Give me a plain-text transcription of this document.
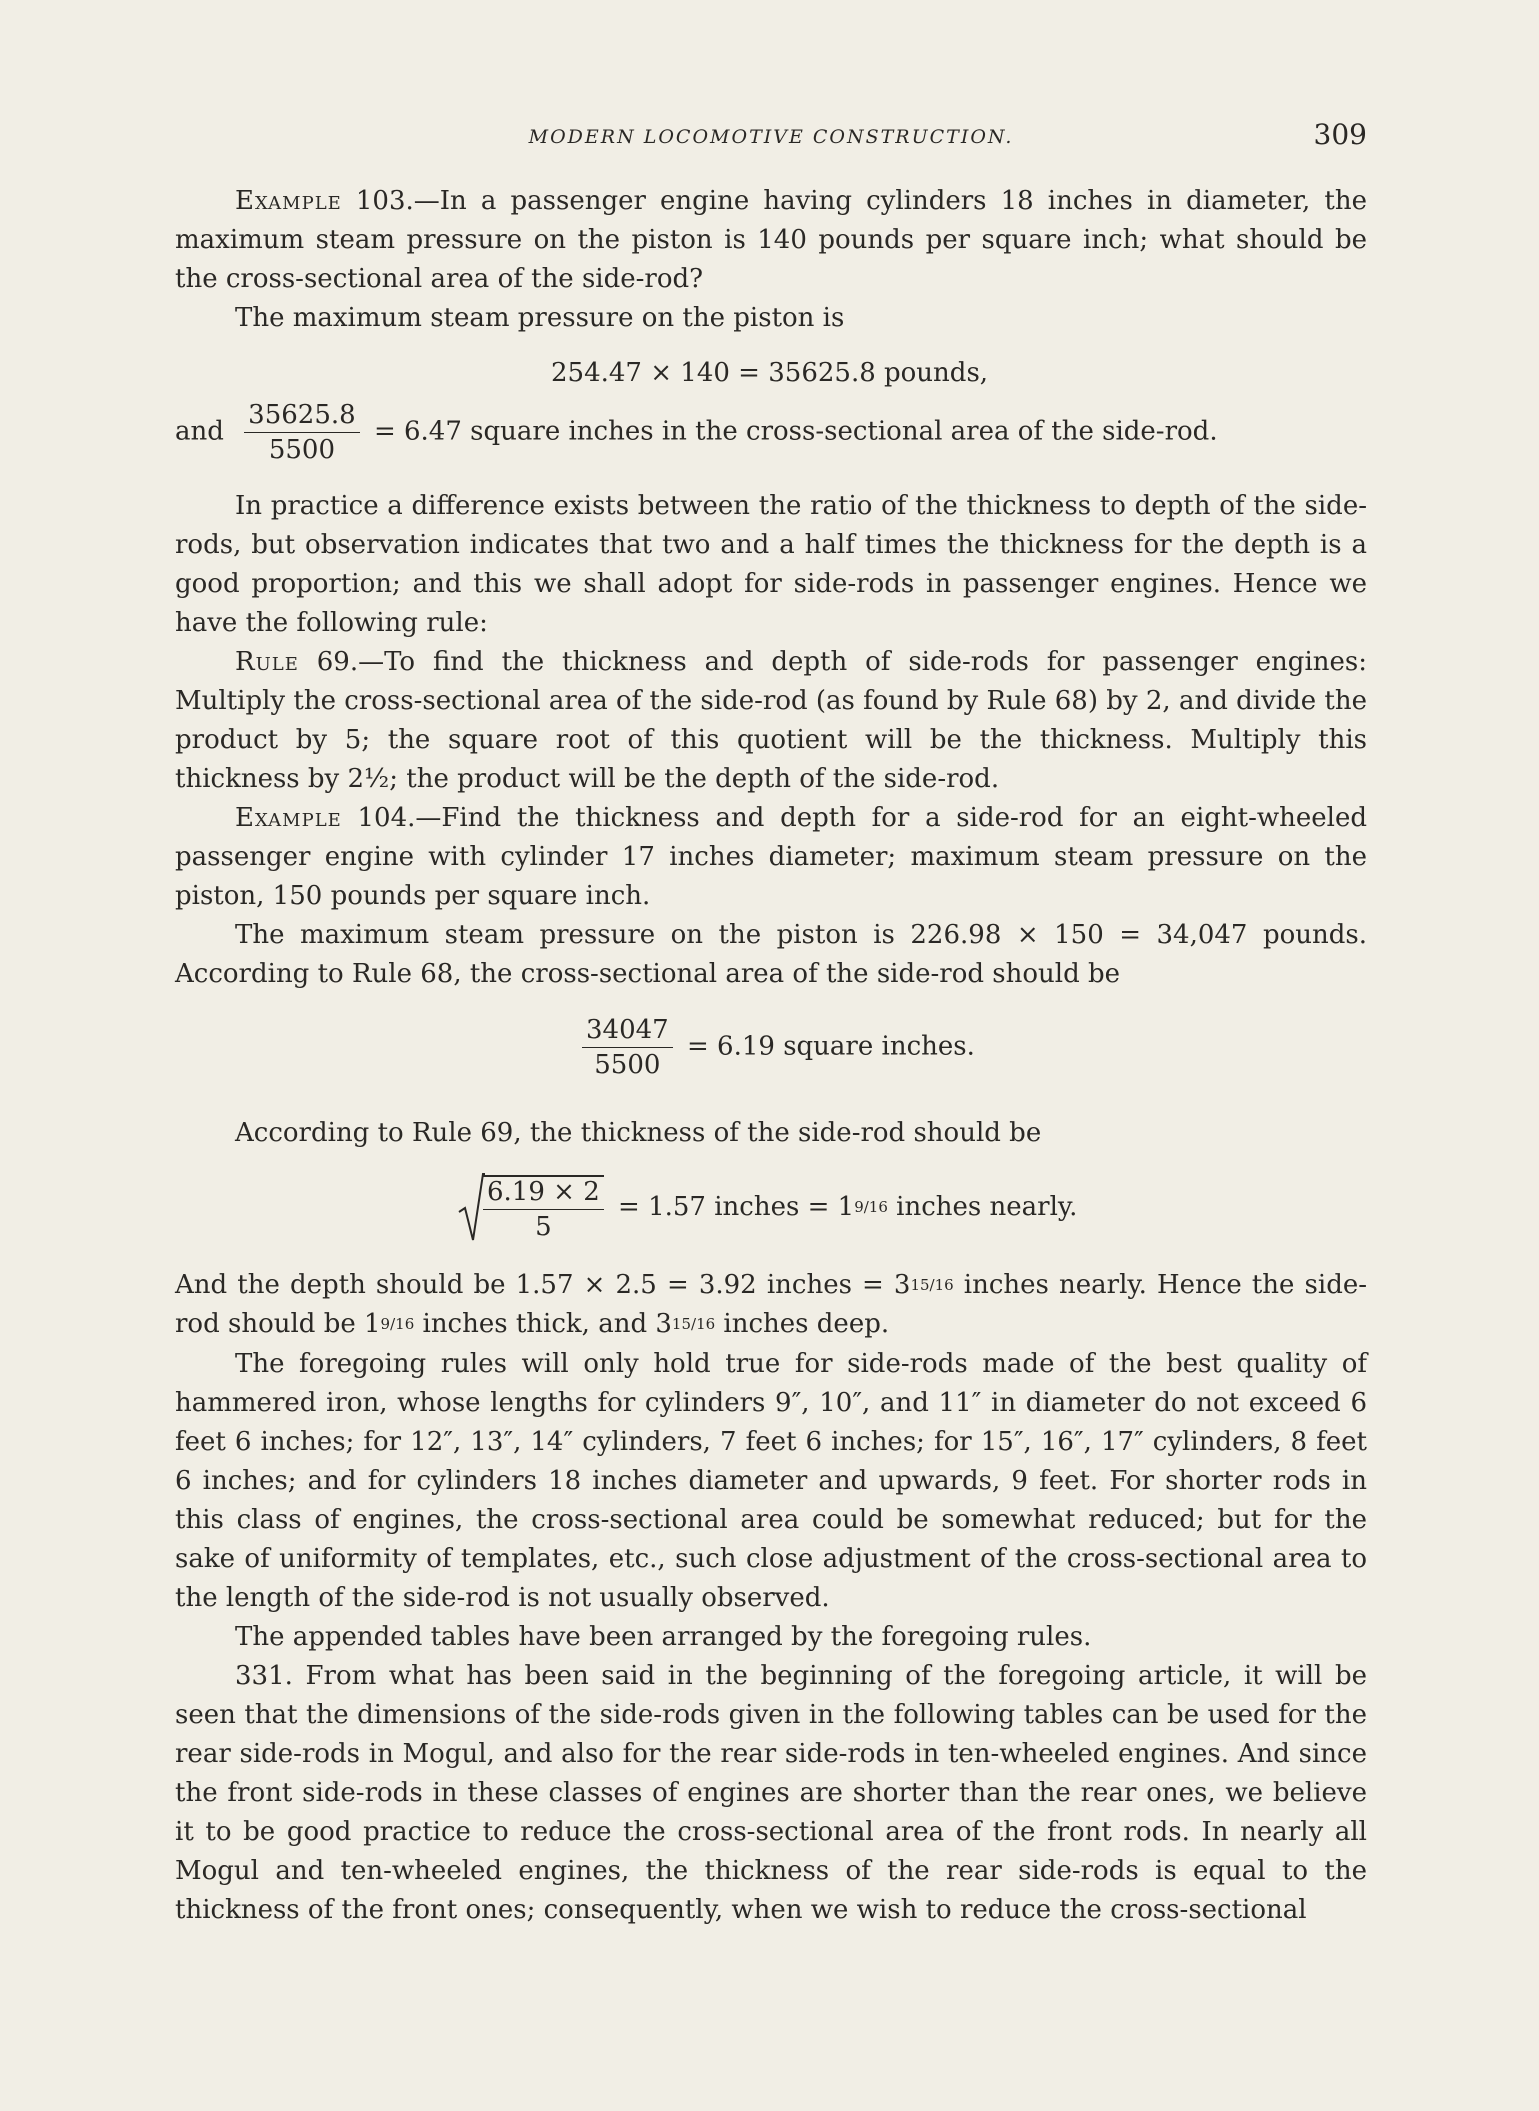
MODERN LOCOMOTIVE CONSTRUCTION.	309

Example 103.—In a passenger engine having cylinders 18 inches in diameter, the maximum steam pressure on the piston is 140 pounds per square inch; what should be the cross-sectional area of the side-rod?

The maximum steam pressure on the piston is

254.47 × 140 = 35625.8 pounds,
and $\frac{35625.8}{5500} = 6.47$ square inches in the cross-sectional area of the side-rod.

In practice a difference exists between the ratio of the thickness to depth of the side-rods, but observation indicates that two and a half times the thickness for the depth is a good proportion; and this we shall adopt for side-rods in passenger engines. Hence we have the following rule:

Rule 69.—To find the thickness and depth of side-rods for passenger engines: Multiply the cross-sectional area of the side-rod (as found by Rule 68) by 2, and divide the product by 5; the square root of this quotient will be the thickness. Multiply this thickness by 2½; the product will be the depth of the side-rod.

Example 104.—Find the thickness and depth for a side-rod for an eight-wheeled passenger engine with cylinder 17 inches diameter; maximum steam pressure on the piston, 150 pounds per square inch.

The maximum steam pressure on the piston is 226.98 × 150 = 34,047 pounds. According to Rule 68, the cross-sectional area of the side-rod should be

$\frac{34047}{5500} = 6.19$ square inches.

According to Rule 69, the thickness of the side-rod should be

$\frac{6.19 \times 2}{5} = 1.57$ inches = 19/16 inches nearly.

And the depth should be 1.57 × 2.5 = 3.92 inches = 315/16 inches nearly. Hence the side-rod should be 19/16 inches thick, and 315/16 inches deep.

The foregoing rules will only hold true for side-rods made of the best quality of hammered iron, whose lengths for cylinders 9″, 10″, and 11″ in diameter do not exceed 6 feet 6 inches; for 12″, 13″, 14″ cylinders, 7 feet 6 inches; for 15″, 16″, 17″ cylinders, 8 feet 6 inches; and for cylinders 18 inches diameter and upwards, 9 feet. For shorter rods in this class of engines, the cross-sectional area could be somewhat reduced; but for the sake of uniformity of templates, etc., such close adjustment of the cross-sectional area to the length of the side-rod is not usually observed.

The appended tables have been arranged by the foregoing rules.

331. From what has been said in the beginning of the foregoing article, it will be seen that the dimensions of the side-rods given in the following tables can be used for the rear side-rods in Mogul, and also for the rear side-rods in ten-wheeled engines. And since the front side-rods in these classes of engines are shorter than the rear ones, we believe it to be good practice to reduce the cross-sectional area of the front rods. In nearly all Mogul and ten-wheeled engines, the thickness of the rear side-rods is equal to the thickness of the front ones; consequently, when we wish to reduce the cross-sectional
